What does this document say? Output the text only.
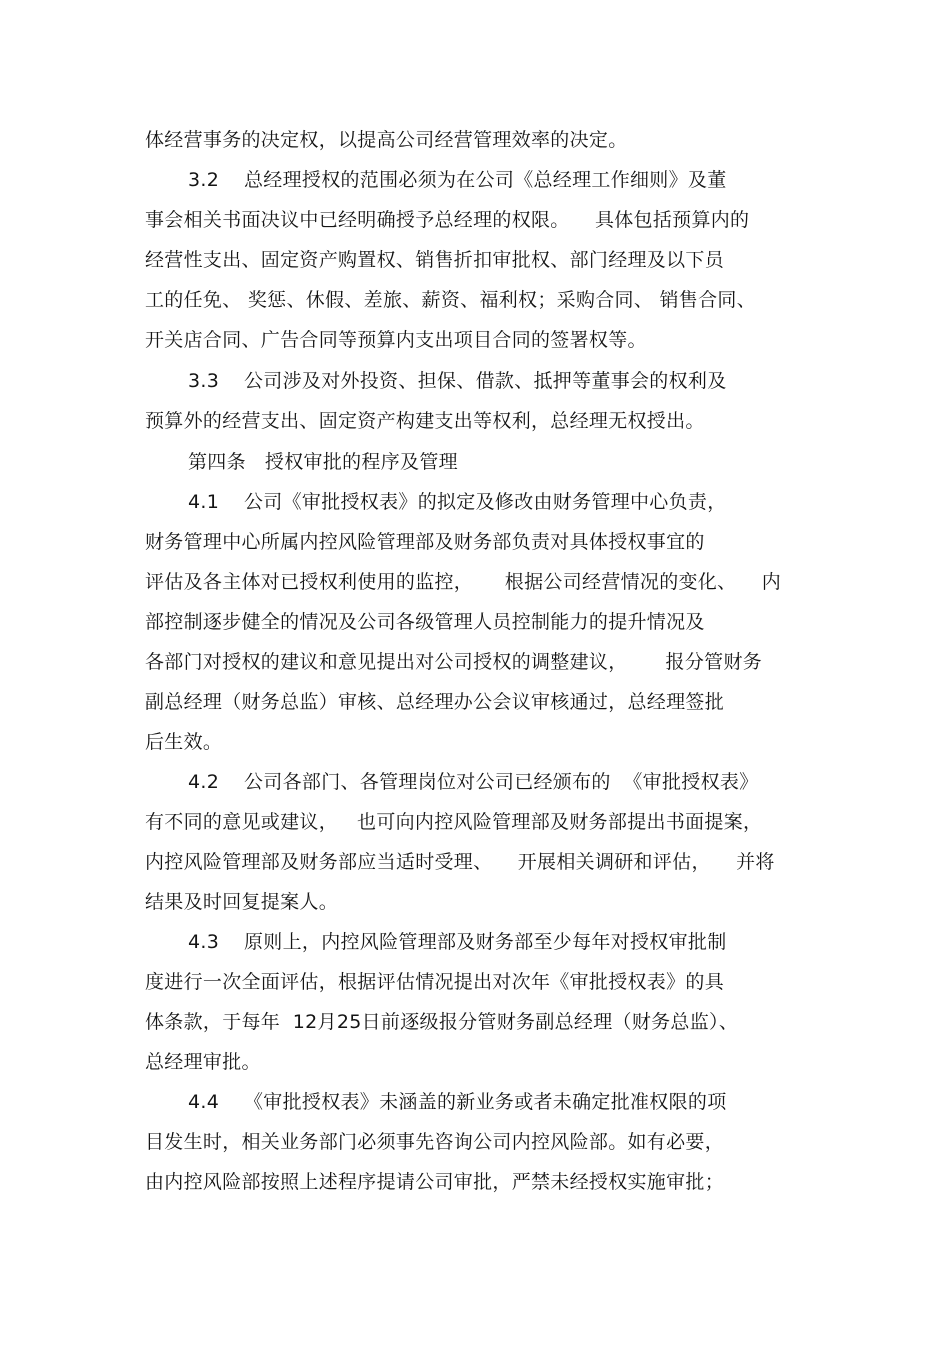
体经营事务的决定权，以提高公司经营管理效率的决定。
3.2 总经理授权的范围必须为在公司《总经理工作细则》及董
事会相关书面决议中已经明确授予总经理的权限。    具体包括预算内的
经营性支出、固定资产购置权、销售折扣审批权、部门经理及以下员
工的任免、 奖惩、休假、差旅、薪资、福利权；采购合同、 销售合同、
开关店合同、广告合同等预算内支出项目合同的签署权等。
3.3 公司涉及对外投资、担保、借款、抵押等董事会的权利及
预算外的经营支出、固定资产构建支出等权利，总经理无权授出。
第四条   授权审批的程序及管理
4.1 公司《审批授权表》的拟定及修改由财务管理中心负责，
财务管理中心所属内控风险管理部及财务部负责对具体授权事宜的
评估及各主体对已授权利使用的监控，     根据公司经营情况的变化、    内
部控制逐步健全的情况及公司各级管理人员控制能力的提升情况及
各部门对授权的建议和意见提出对公司授权的调整建议，      报分管财务
副总经理（财务总监）审核、总经理办公会议审核通过，总经理签批
后生效。
4.2 公司各部门、各管理岗位对公司已经颁布的  《审批授权表》
有不同的意见或建议，   也可向内控风险管理部及财务部提出书面提案，
内控风险管理部及财务部应当适时受理、    开展相关调研和评估，    并将
结果及时回复提案人。
4.3 原则上，内控风险管理部及财务部至少每年对授权审批制
度进行一次全面评估，根据评估情况提出对次年《审批授权表》的具
体条款，于每年  12月25日前逐级报分管财务副总经理（财务总监）、
总经理审批。
4.4 《审批授权表》未涵盖的新业务或者未确定批准权限的项
目发生时，相关业务部门必须事先咨询公司内控风险部。如有必要，
由内控风险部按照上述程序提请公司审批，严禁未经授权实施审批；
